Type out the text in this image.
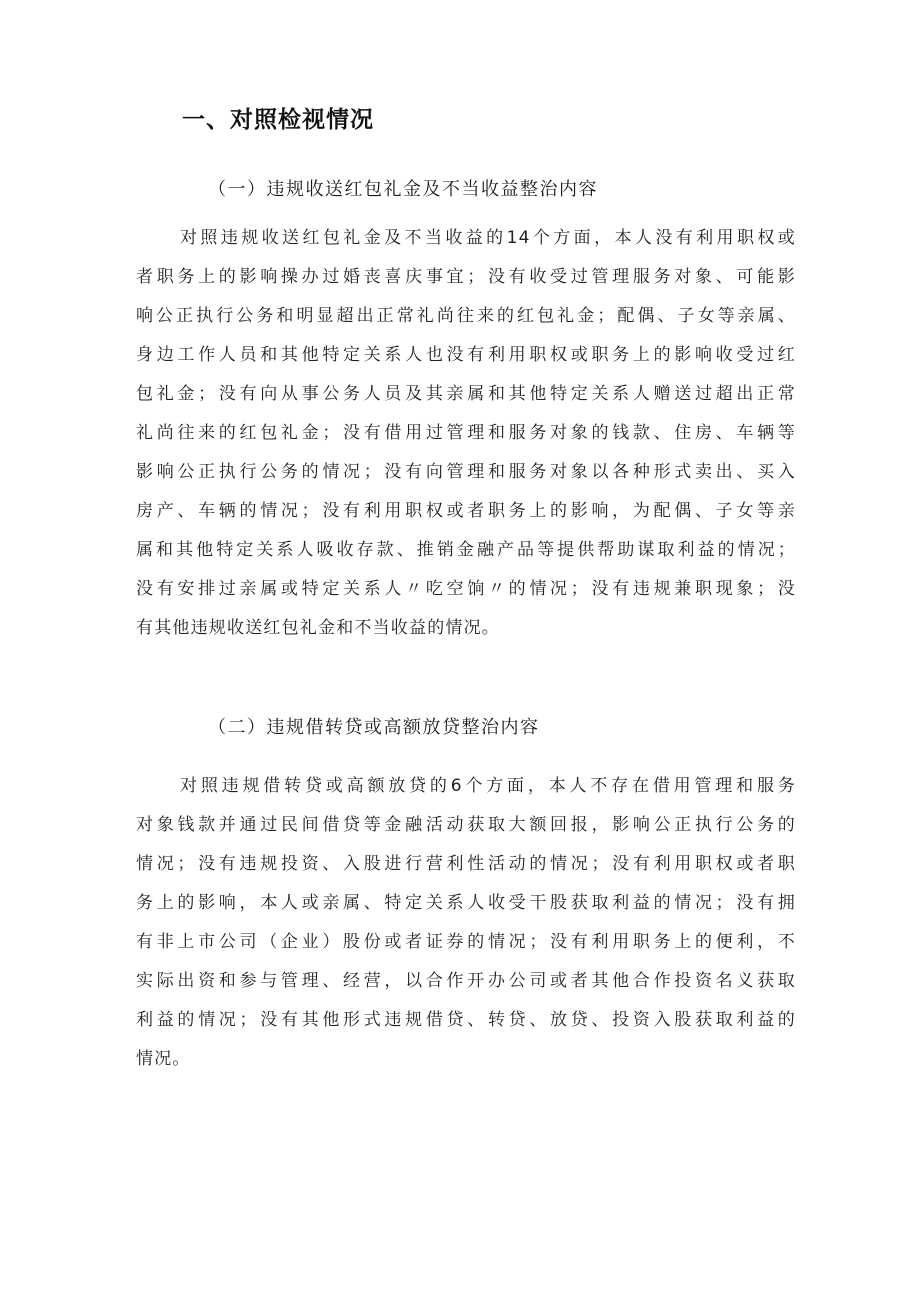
一、对照检视情况
（一）违规收送红包礼金及不当收益整治内容
对照违规收送红包礼金及不当收益的14个方面，本人没有利用职权或
者职务上的影响操办过婚丧喜庆事宜；没有收受过管理服务对象、可能影
响公正执行公务和明显超出正常礼尚往来的红包礼金；配偶、子女等亲属、
身边工作人员和其他特定关系人也没有利用职权或职务上的影响收受过红
包礼金；没有向从事公务人员及其亲属和其他特定关系人赠送过超出正常
礼尚往来的红包礼金；没有借用过管理和服务对象的钱款、住房、车辆等
影响公正执行公务的情况；没有向管理和服务对象以各种形式卖出、买入
房产、车辆的情况；没有利用职权或者职务上的影响，为配偶、子女等亲
属和其他特定关系人吸收存款、推销金融产品等提供帮助谋取利益的情况；
没有安排过亲属或特定关系人〃吃空饷〃的情况；没有违规兼职现象；没
有其他违规收送红包礼金和不当收益的情况。
（二）违规借转贷或高额放贷整治内容
对照违规借转贷或高额放贷的6个方面，本人不存在借用管理和服务
对象钱款并通过民间借贷等金融活动获取大额回报，影响公正执行公务的
情况；没有违规投资、入股进行营利性活动的情况；没有利用职权或者职
务上的影响，本人或亲属、特定关系人收受干股获取利益的情况；没有拥
有非上市公司（企业）股份或者证券的情况；没有利用职务上的便利，不
实际出资和参与管理、经营，以合作开办公司或者其他合作投资名义获取
利益的情况；没有其他形式违规借贷、转贷、放贷、投资入股获取利益的
情况。
